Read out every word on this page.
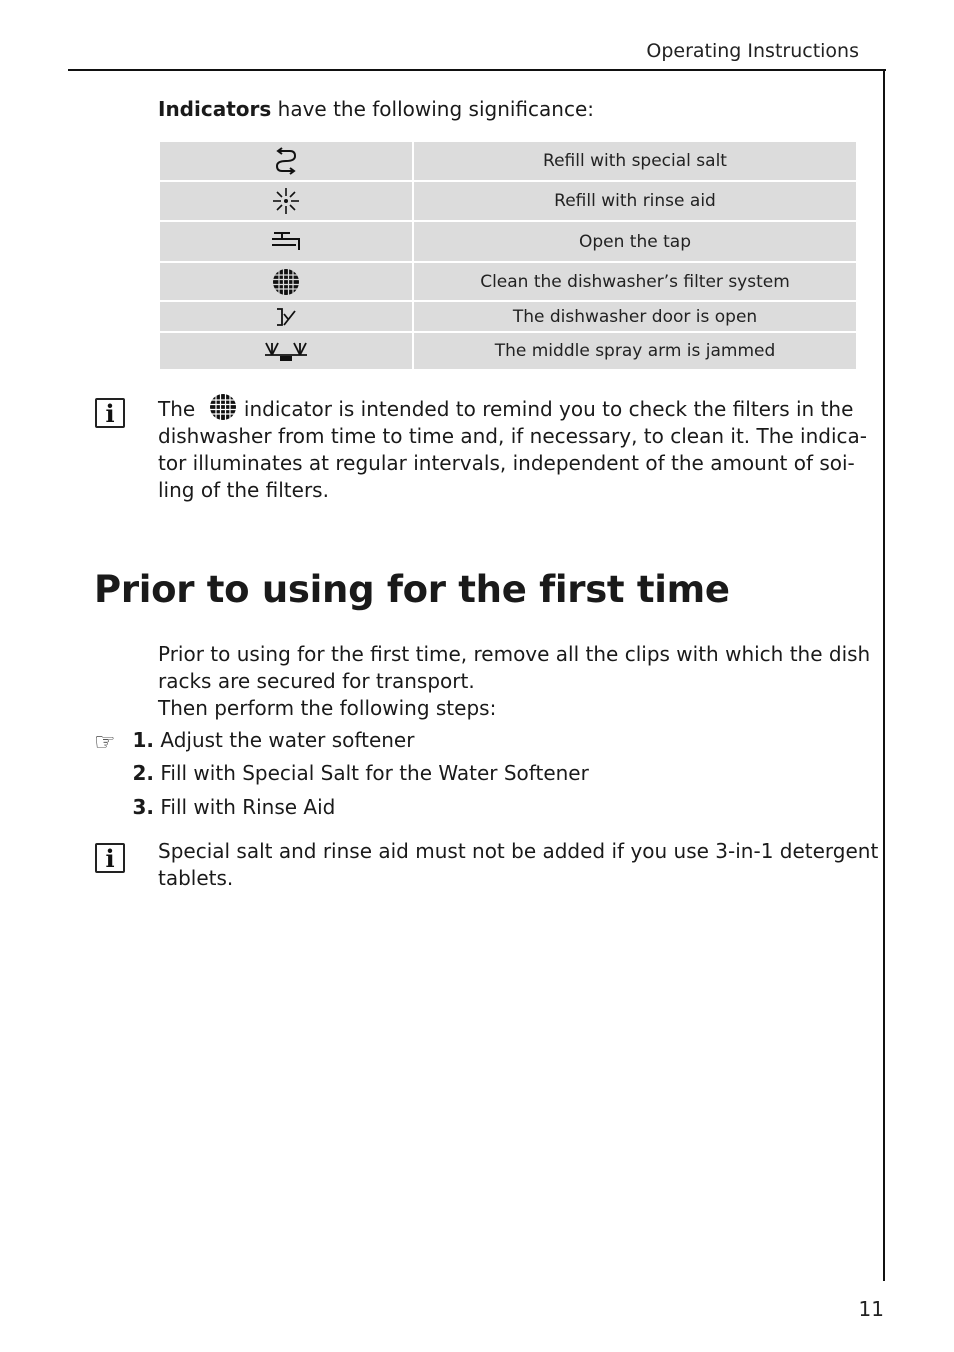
Operating Instructions
Indicators have the following significance:
	Refill with special salt

	Refill with rinse aid

	Open the tap

	Clean the dishwasher’s filter system

	The dishwasher door is open

	The middle spray arm is jammed
i	The  indicator is intended to remind you to check the filters in the
dishwasher from time to time and, if necessary, to clean it. The indica-
tor illuminates at regular intervals, independent of the amount of soi-
ling of the filters.
Prior to using for the first time
Prior to using for the first time, remove all the clips with which the dish
racks are secured for transport.
Then perform the following steps:
☞ 1. Adjust the water softener
2. Fill with Special Salt for the Water Softener
3. Fill with Rinse Aid
i	Special salt and rinse aid must not be added if you use 3-in-1 detergent
tablets.
11
